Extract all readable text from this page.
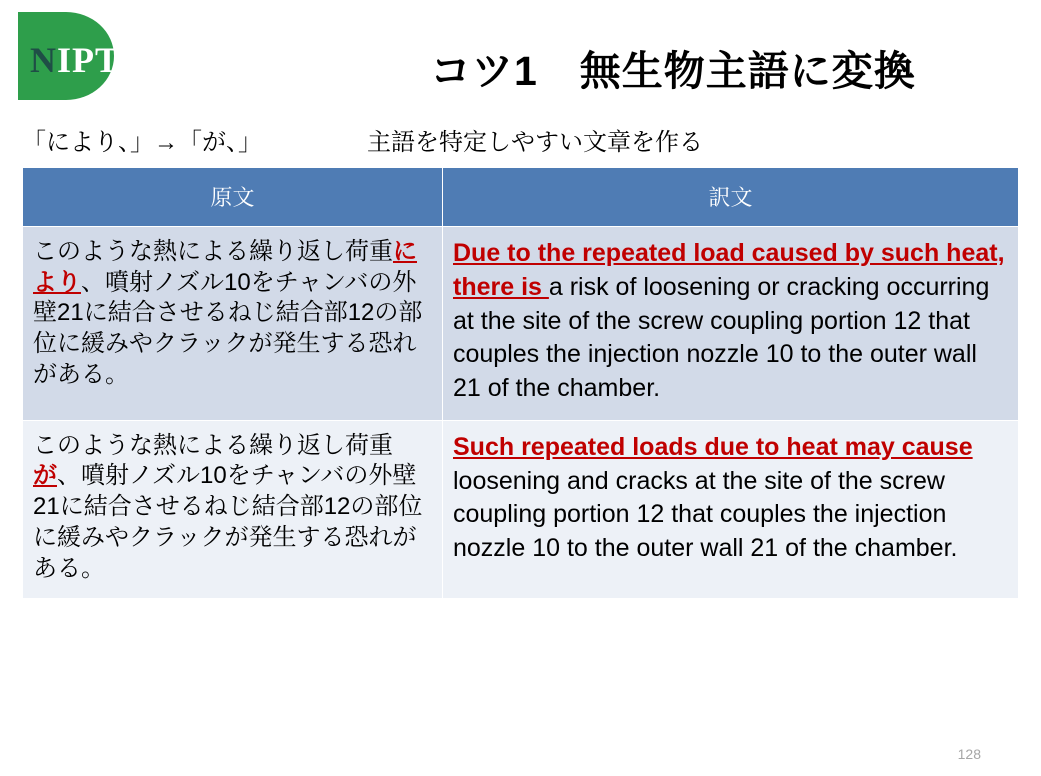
NIPTA	コツ1　無生物主語に変換
「により、」→「が、」	主語を特定しやすい文章を作る
原文	訳文

このような熱による繰り返し荷重により、噴射ノズル10をチャンバの外壁21に結合させるねじ結合部12の部位に緩みやクラックが発生する恐れがある。	Due to the repeated load caused by such heat, there is a risk of loosening or cracking occurring at the site of the screw coupling portion 12 that couples the injection nozzle 10 to the outer wall 21 of the chamber.

このような熱による繰り返し荷重が、噴射ノズル10をチャンバの外壁21に結合させるねじ結合部12の部位に緩みやクラックが発生する恐れがある。	Such repeated loads due to heat may cause loosening and cracks at the site of the screw coupling portion 12 that couples the injection nozzle 10 to the outer wall 21 of the chamber.
128
